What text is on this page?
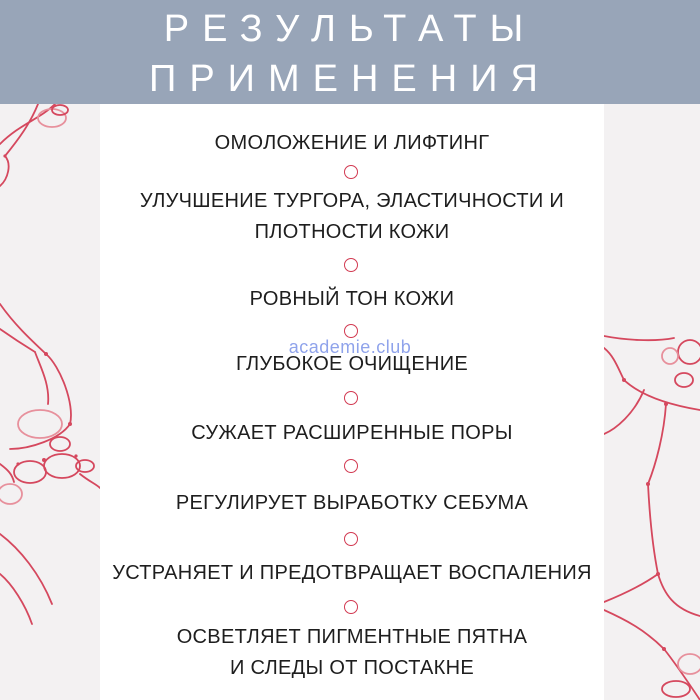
РЕЗУЛЬТАТЫ
ПРИМЕНЕНИЯ
ОМОЛОЖЕНИЕ И ЛИФТИНГ
УЛУЧШЕНИЕ ТУРГОРА, ЭЛАСТИЧНОСТИ И
ПЛОТНОСТИ КОЖИ
РОВНЫЙ ТОН КОЖИ
ГЛУБОКОЕ ОЧИЩЕНИЕ
СУЖАЕТ РАСШИРЕННЫЕ ПОРЫ
РЕГУЛИРУЕТ ВЫРАБОТКУ СЕБУМА
УСТРАНЯЕТ И ПРЕДОТВРАЩАЕТ ВОСПАЛЕНИЯ
ОСВЕТЛЯЕТ ПИГМЕНТНЫЕ ПЯТНА
И СЛЕДЫ ОТ ПОСТАКНЕ
academie.club
